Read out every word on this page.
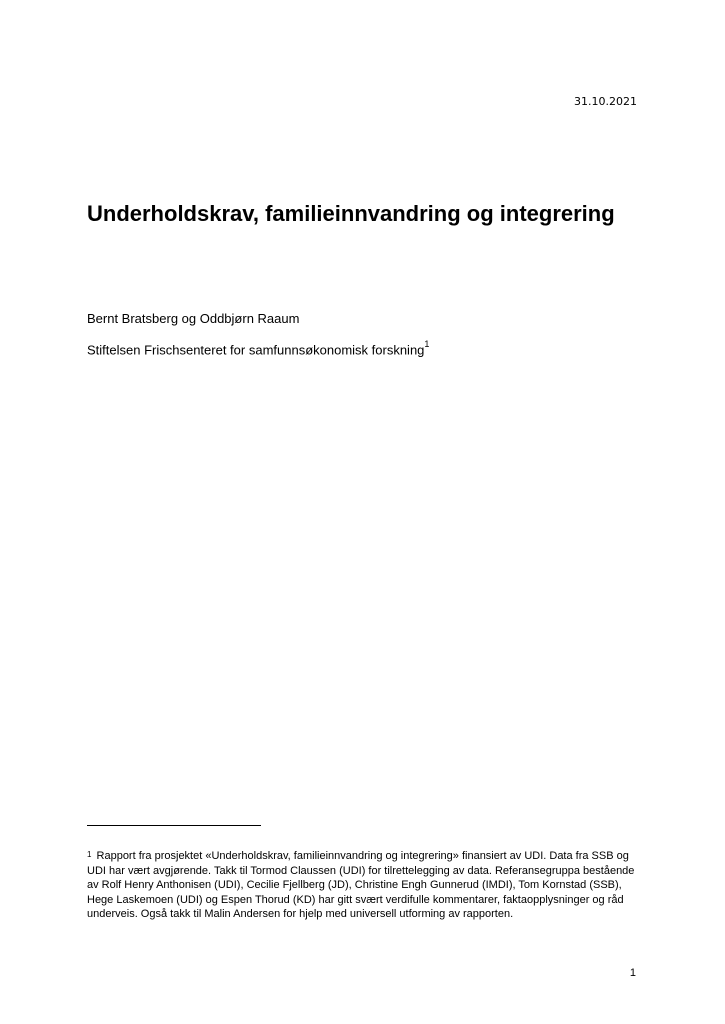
31.10.2021
Underholdskrav, familieinnvandring og integrering
Bernt Bratsberg og Oddbjørn Raaum
Stiftelsen Frischsenteret for samfunnsøkonomisk forskning$^1$
1 Rapport fra prosjektet «Underholdskrav, familieinnvandring og integrering» finansiert av UDI. Data fra SSB og UDI har vært avgjørende. Takk til Tormod Claussen (UDI) for tilrettelegging av data. Referansegruppa bestående av Rolf Henry Anthonisen (UDI), Cecilie Fjellberg (JD), Christine Engh Gunnerud (IMDI), Tom Kornstad (SSB), Hege Laskemoen (UDI) og Espen Thorud (KD) har gitt svært verdifulle kommentarer, faktaopplysninger og råd underveis. Også takk til Malin Andersen for hjelp med universell utforming av rapporten.
1
